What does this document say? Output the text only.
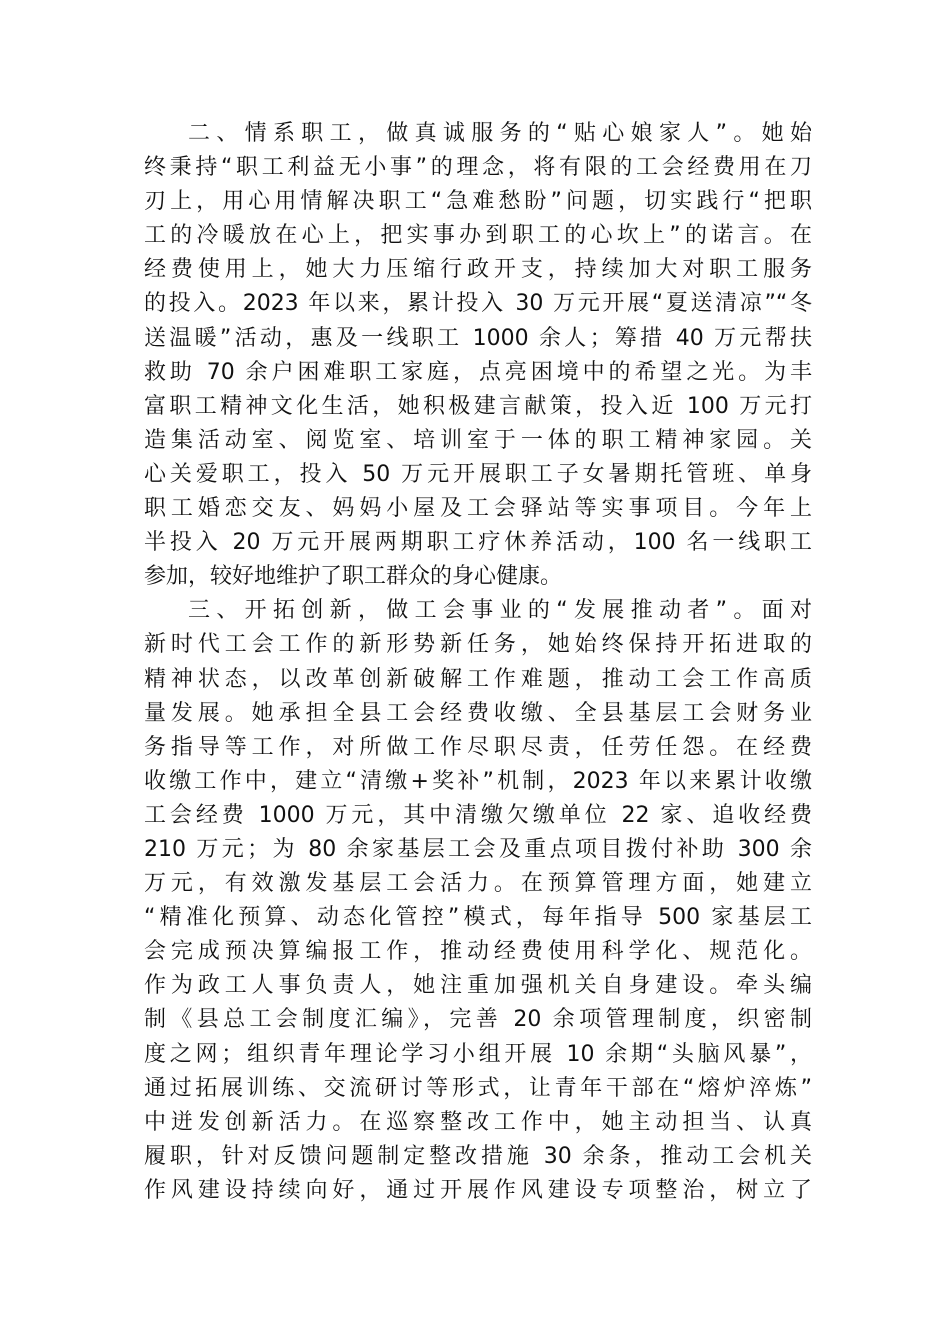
二、情系职工，做真诚服务的“贴心娘家人”。她始
终秉持“职工利益无小事”的理念，将有限的工会经费用在刀
刃上，用心用情解决职工“急难愁盼”问题，切实践行“把职
工的冷暖放在心上，把实事办到职工的心坎上”的诺言。在
经费使用上，她大力压缩行政开支，持续加大对职工服务
的投入。2023 年以来，累计投入 30 万元开展“夏送清凉”“冬
送温暖”活动，惠及一线职工 1000 余人；筹措 40 万元帮扶
救助 70 余户困难职工家庭，点亮困境中的希望之光。为丰
富职工精神文化生活，她积极建言献策，投入近 100 万元打
造集活动室、阅览室、培训室于一体的职工精神家园。关
心关爱职工，投入 50 万元开展职工子女暑期托管班、单身
职工婚恋交友、妈妈小屋及工会驿站等实事项目。今年上
半投入 20 万元开展两期职工疗休养活动，100 名一线职工
参加，较好地维护了职工群众的身心健康。
三、开拓创新，做工会事业的“发展推动者”。面对
新时代工会工作的新形势新任务，她始终保持开拓进取的
精神状态，以改革创新破解工作难题，推动工会工作高质
量发展。她承担全县工会经费收缴、全县基层工会财务业
务指导等工作，对所做工作尽职尽责，任劳任怨。在经费
收缴工作中，建立“清缴+奖补”机制，2023 年以来累计收缴
工会经费 1000 万元，其中清缴欠缴单位 22 家、追收经费
210 万元；为 80 余家基层工会及重点项目拨付补助 300 余
万元，有效激发基层工会活力。在预算管理方面，她建立
“精准化预算、动态化管控”模式，每年指导 500 家基层工
会完成预决算编报工作，推动经费使用科学化、规范化。
作为政工人事负责人，她注重加强机关自身建设。牵头编
制《县总工会制度汇编》，完善 20 余项管理制度，织密制
度之网；组织青年理论学习小组开展 10 余期“头脑风暴”，
通过拓展训练、交流研讨等形式，让青年干部在“熔炉淬炼”
中迸发创新活力。在巡察整改工作中，她主动担当、认真
履职，针对反馈问题制定整改措施 30 余条，推动工会机关
作风建设持续向好，通过开展作风建设专项整治，树立了
